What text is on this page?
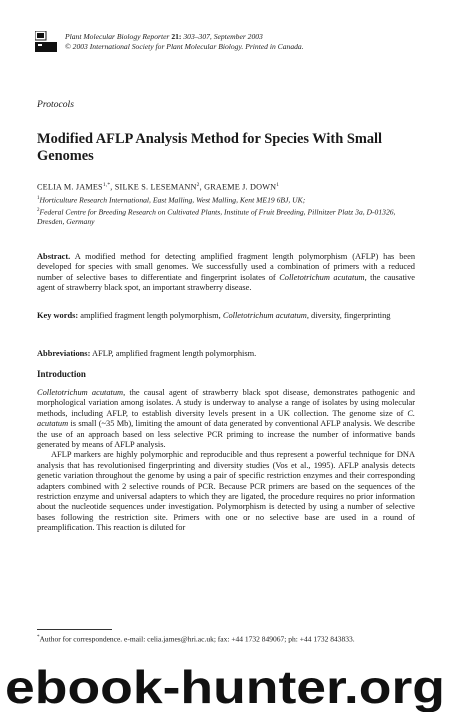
Plant Molecular Biology Reporter 21: 303–307, September 2003
© 2003 International Society for Plant Molecular Biology. Printed in Canada.
Protocols
Modified AFLP Analysis Method for Species With Small Genomes
CELIA M. $JAMES^{1,*}$, SILKE S. LESEMANN$^2$, GRAEME J. DOWN$^1$
$^1$Horticulture Research International, East Malling, West Malling, Kent ME19 6BJ, UK;
$^2$Federal Centre for Breeding Research on Cultivated Plants, Institute of Fruit Breeding, Pillnitzer Platz 3a, D-01326, Dresden, Germany
Abstract. A modified method for detecting amplified fragment length polymorphism (AFLP) has been developed for species with small genomes. We successfully used a combination of primers with a reduced number of selective bases to differentiate and fingerprint isolates of Colletotrichum acutatum, the causative agent of strawberry black spot, an important strawberry disease.
Key words: amplified fragment length polymorphism, Colletotrichum acutatum, diversity, fingerprinting
Abbreviations: AFLP, amplified fragment length polymorphism.
Introduction

Colletotrichum acutatum, the causal agent of strawberry black spot disease, demonstrates pathogenic and morphological variation among isolates. A study is underway to analyse a range of isolates by using molecular methods, including AFLP, to establish diversity levels present in a UK collection. The genome size of C. acutatum is small (~35 Mb), limiting the amount of data generated by conventional AFLP analysis. We describe the use of an approach based on less selective PCR priming to increase the number of informative bands generated by means of AFLP analysis.

AFLP markers are highly polymorphic and reproducible and thus represent a powerful technique for DNA analysis that has revolutionised fingerprinting and diversity studies (Vos et al., 1995). AFLP analysis detects genetic variation throughout the genome by using a pair of specific restriction enzymes and their corresponding adapters combined with 2 selective rounds of PCR. Because PCR primers are based on the sequences of the restriction enzyme and universal adapters to which they are ligated, the procedure requires no prior information about the nucleotide sequences under investigation. Polymorphism is detected by using a number of selective bases following the restriction site. Primers with one or no selective base are used in a round of preamplification. This reaction is diluted for

*Author for correspondence. e-mail: celia.james@hri.ac.uk; fax: +44 1732 849067; ph: +44 1732 843833.
ebook-hunter.org
